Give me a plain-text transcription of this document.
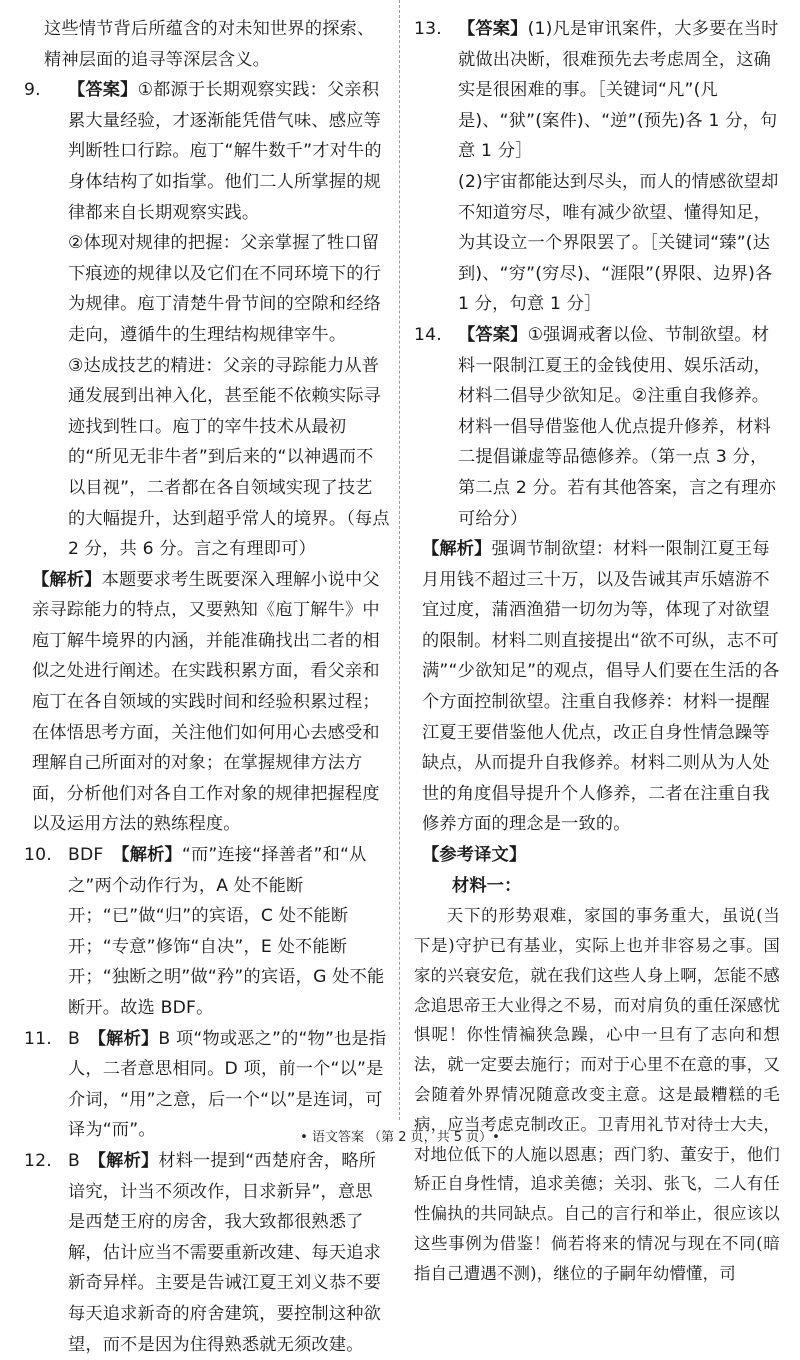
这些情节背后所蕴含的对未知世界的探索、精神层面的追寻等深层含义。

9. 【答案】①都源于长期观察实践：父亲积累大量经验，才逐渐能凭借气味、感应等判断牲口行踪。庖丁“解牛数千”才对牛的身体结构了如指掌。他们二人所掌握的规律都来自长期观察实践。

②体现对规律的把握：父亲掌握了牲口留下痕迹的规律以及它们在不同环境下的行为规律。庖丁清楚牛骨节间的空隙和经络走向，遵循牛的生理结构规律宰牛。

③达成技艺的精进：父亲的寻踪能力从普通发展到出神入化，甚至能不依赖实际寻迹找到牲口。庖丁的宰牛技术从最初的“所见无非牛者”到后来的“以神遇而不以目视”，二者都在各自领域实现了技艺的大幅提升，达到超乎常人的境界。（每点 2 分，共 6 分。言之有理即可）

【解析】本题要求考生既要深入理解小说中父亲寻踪能力的特点，又要熟知《庖丁解牛》中庖丁解牛境界的内涵，并能准确找出二者的相似之处进行阐述。在实践积累方面，看父亲和庖丁在各自领域的实践时间和经验积累过程；在体悟思考方面，关注他们如何用心去感受和理解自己所面对的对象；在掌握规律方法方面，分析他们对各自工作对象的规律把握程度以及运用方法的熟练程度。

10. BDF　【解析】“而”连接“择善者”和“从之”两个动作行为，A 处不能断开；“已”做“归”的宾语，C 处不能断开；“专意”修饰“自决”，E 处不能断开；“独断之明”做“矜”的宾语，G 处不能断开。故选 BDF。

11. B　【解析】B 项“物或恶之”的“物”也是指人，二者意思相同。D 项，前一个“以”是介词，“用”之意，后一个“以”是连词，可译为“而”。

12. B　【解析】材料一提到“西楚府舍，略所谙究，计当不须改作，日求新异”，意思是西楚王府的房舍，我大致都很熟悉了解，估计应当不需要重新改建、每天追求新奇异样。主要是告诫江夏王刘义恭不要每天追求新奇的府舍建筑，要控制这种欲望，而不是因为住得熟悉就无须改建。

13. 【答案】(1)凡是审讯案件，大多要在当时就做出决断，很难预先去考虑周全，这确实是很困难的事。［关键词“凡”(凡是)、“狱”(案件)、“逆”(预先)各 1 分，句意 1 分］

(2)宇宙都能达到尽头，而人的情感欲望却不知道穷尽，唯有减少欲望、懂得知足，为其设立一个界限罢了。［关键词“臻”(达到)、“穷”(穷尽)、“涯限”(界限、边界)各 1 分，句意 1 分］

14. 【答案】①强调戒奢以俭、节制欲望。材料一限制江夏王的金钱使用、娱乐活动，材料二倡导少欲知足。②注重自我修养。材料一倡导借鉴他人优点提升修养，材料二提倡谦虚等品德修养。（第一点 3 分，第二点 2 分。若有其他答案，言之有理亦可给分）

【解析】强调节制欲望：材料一限制江夏王每月用钱不超过三十万，以及告诫其声乐嬉游不宜过度，蒲酒渔猎一切勿为等，体现了对欲望的限制。材料二则直接提出“欲不可纵，志不可满”“少欲知足”的观点，倡导人们要在生活的各个方面控制欲望。注重自我修养：材料一提醒江夏王要借鉴他人优点，改正自身性情急躁等缺点，从而提升自我修养。材料二则从为人处世的角度倡导提升个人修养，二者在注重自我修养方面的理念是一致的。

【参考译文】

材料一：

天下的形势艰难，家国的事务重大，虽说(当下是)守护已有基业，实际上也并非容易之事。国家的兴衰安危，就在我们这些人身上啊，怎能不感念追思帝王大业得之不易，而对肩负的重任深感忧惧呢！你性情褊狭急躁，心中一旦有了志向和想法，就一定要去施行；而对于心里不在意的事，又会随着外界情况随意改变主意。这是最糟糕的毛病，应当考虑克制改正。卫青用礼节对待士大夫，对地位低下的人施以恩惠；西门豹、董安于，他们矫正自身性情，追求美德；关羽、张飞，二人有任性偏执的共同缺点。自己的言行和举止，很应该以这些事例为借鉴！倘若将来的情况与现在不同(暗指自己遭遇不测)，继位的子嗣年幼懵懂，司

• 语文答案 （第 2 页，共 5 页）•
